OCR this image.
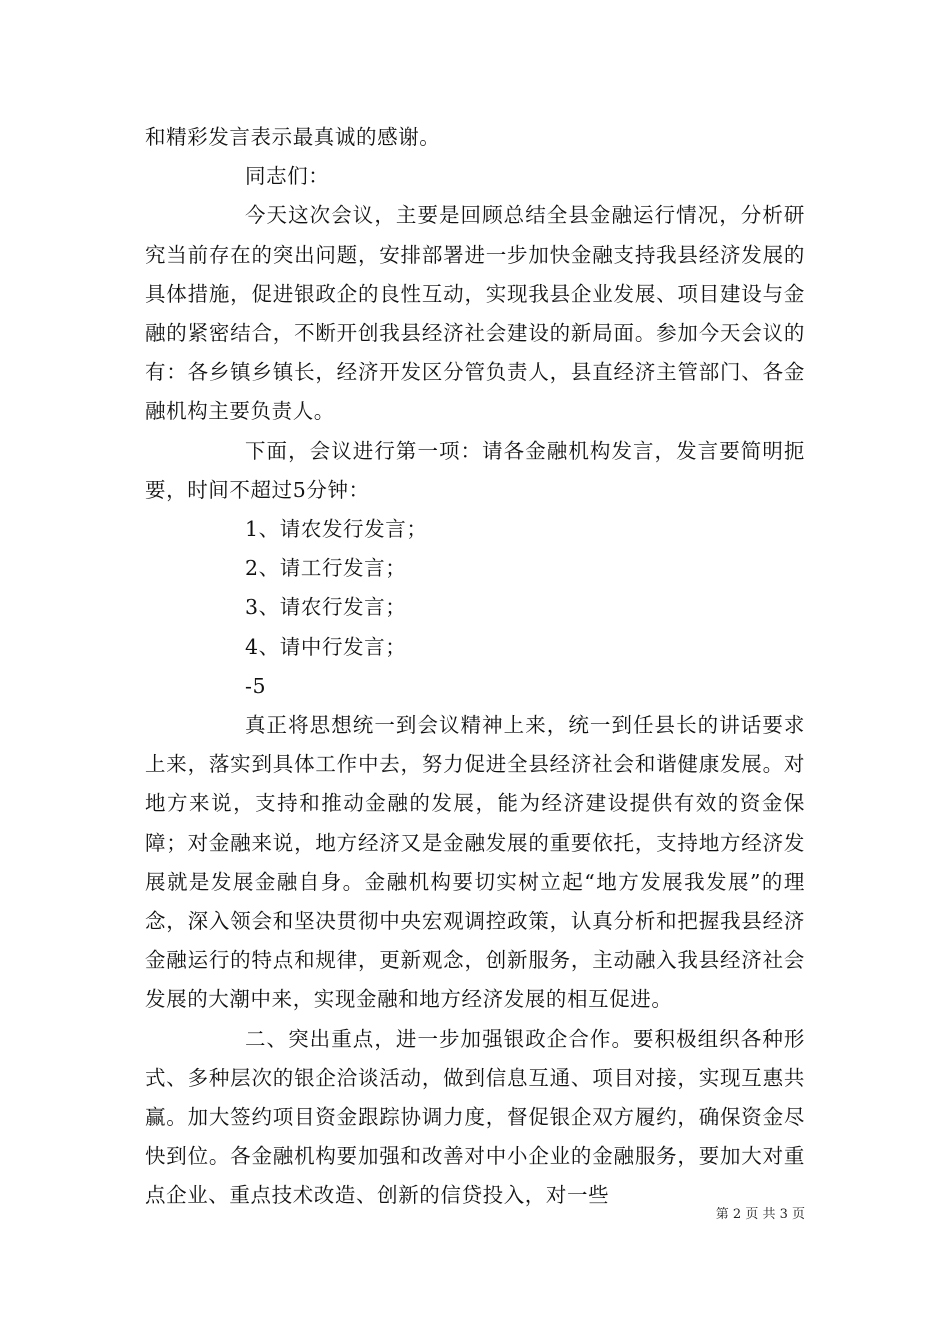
和精彩发言表示最真诚的感谢。

同志们：

今天这次会议，主要是回顾总结全县金融运行情况，分析研究当前存在的突出问题，安排部署进一步加快金融支持我县经济发展的具体措施，促进银政企的良性互动，实现我县企业发展、项目建设与金融的紧密结合，不断开创我县经济社会建设的新局面。参加今天会议的有：各乡镇乡镇长，经济开发区分管负责人，县直经济主管部门、各金融机构主要负责人。

下面，会议进行第一项：请各金融机构发言，发言要简明扼要，时间不超过5分钟：

1、请农发行发言；

2、请工行发言；

3、请农行发言；

4、请中行发言；

-5

真正将思想统一到会议精神上来，统一到任县长的讲话要求上来，落实到具体工作中去，努力促进全县经济社会和谐健康发展。对地方来说，支持和推动金融的发展，能为经济建设提供有效的资金保障；对金融来说，地方经济又是金融发展的重要依托，支持地方经济发展就是发展金融自身。金融机构要切实树立起“地方发展我发展”的理念，深入领会和坚决贯彻中央宏观调控政策，认真分析和把握我县经济金融运行的特点和规律，更新观念，创新服务，主动融入我县经济社会发展的大潮中来，实现金融和地方经济发展的相互促进。

二、突出重点，进一步加强银政企合作。要积极组织各种形式、多种层次的银企洽谈活动，做到信息互通、项目对接，实现互惠共赢。加大签约项目资金跟踪协调力度，督促银企双方履约，确保资金尽快到位。各金融机构要加强和改善对中小企业的金融服务，要加大对重点企业、重点技术改造、创新的信贷投入，对一些

第 2 页 共 3 页
